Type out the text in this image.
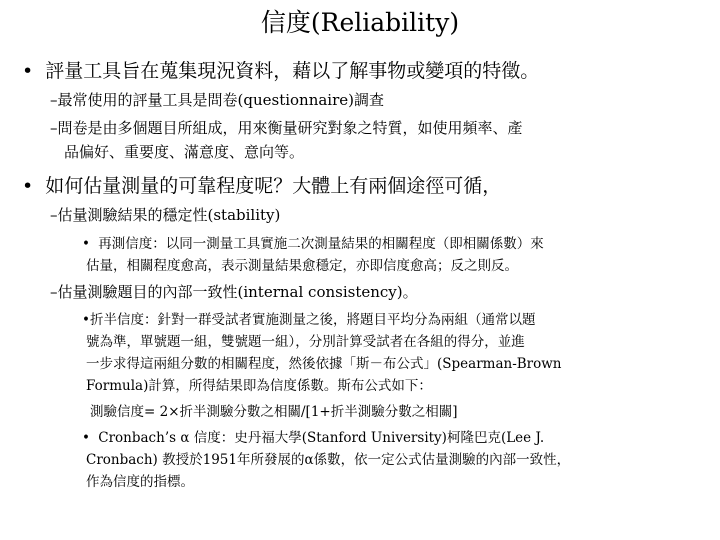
信度(Reliability)
• 評量工具旨在蒐集現況資料，藉以了解事物或變項的特徵。
–最常使用的評量工具是問卷(questionnaire)調查
–問卷是由多個題目所組成，用來衡量研究對象之特質，如使用頻率、產
品偏好、重要度、滿意度、意向等。
• 如何估量測量的可靠程度呢？大體上有兩個途徑可循，
–估量測驗結果的穩定性(stability)
• 再測信度：以同一測量工具實施二次測量結果的相關程度（即相關係數）來
估量，相關程度愈高，表示測量結果愈穩定，亦即信度愈高；反之則反。
–估量測驗題目的內部一致性(internal consistency)。
•折半信度：針對一群受試者實施測量之後，將題目平均分為兩組（通常以題
號為準，單號題一組，雙號題一組），分別計算受試者在各組的得分，並進
一步求得這兩組分數的相關程度，然後依據「斯－布公式」(Spearman-Brown
Formula)計算，所得結果即為信度係數。斯布公式如下：
測驗信度= 2×折半測驗分數之相關/[1+折半測驗分數之相關]
• Cronbach’s α 信度：史丹福大學(Stanford University)柯隆巴克(Lee J.
Cronbach) 教授於1951年所發展的α係數，依一定公式估量測驗的內部一致性，
作為信度的指標。
